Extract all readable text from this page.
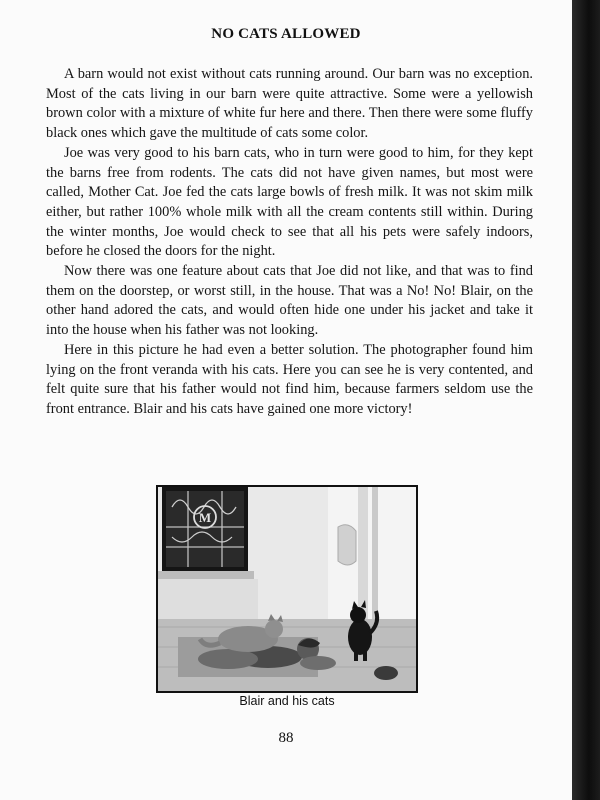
NO CATS ALLOWED

A barn would not exist without cats running around. Our barn was no exception. Most of the cats living in our barn were quite attractive. Some were a yellowish brown color with a mixture of white fur here and there. Then there were some fluffy black ones which gave the multitude of cats some color.

Joe was very good to his barn cats, who in turn were good to him, for they kept the barns free from rodents. The cats did not have given names, but most were called, Mother Cat. Joe fed the cats large bowls of fresh milk. It was not skim milk either, but rather 100% whole milk with all the cream contents still within. During the winter months, Joe would check to see that all his pets were safely indoors, before he closed the doors for the night.

Now there was one feature about cats that Joe did not like, and that was to find them on the doorstep, or worst still, in the house. That was a No! No! Blair, on the other hand adored the cats, and would often hide one under his jacket and take it into the house when his father was not looking.

Here in this picture he had even a better solution. The photographer found him lying on the front veranda with his cats. Here you can see he is very contented, and felt quite sure that his father would not find him, because farmers seldom use the front entrance. Blair and his cats have gained one more victory!

M
Blair and his cats
88
